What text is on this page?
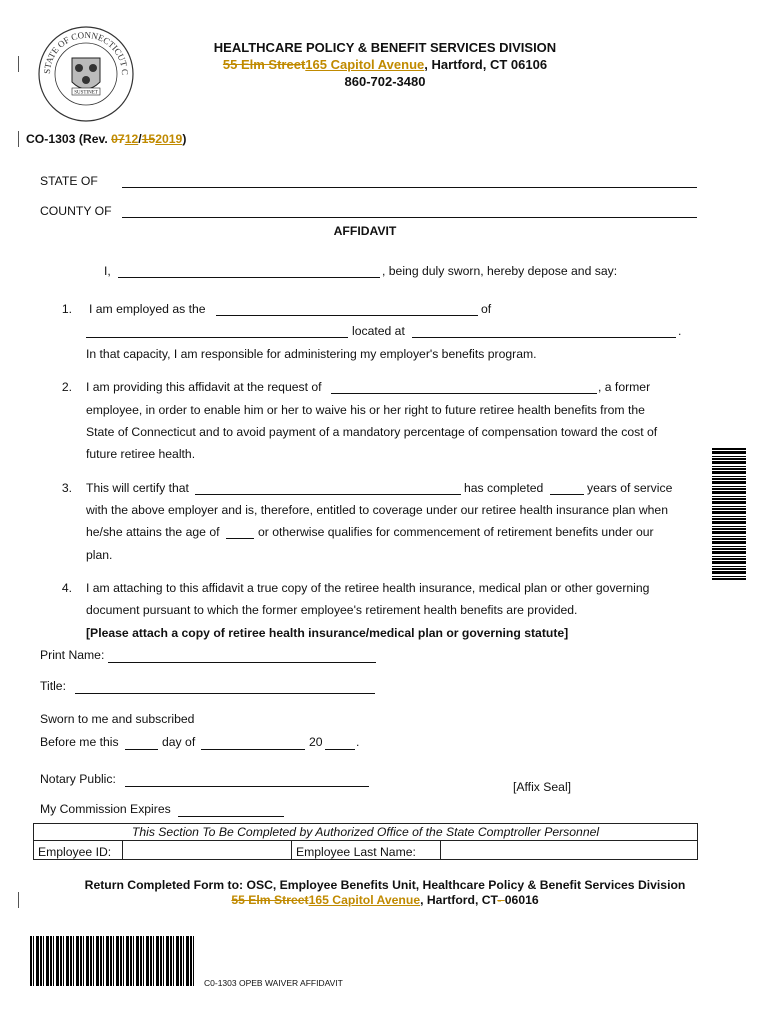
STATE OF CONNECTICUT C
SUSTINET
HEALTHCARE POLICY & BENEFIT SERVICES DIVISION
55 Elm Street165 Capitol Avenue, Hartford, CT 06106
860-702-3480
CO-1303 (Rev. 0712/152019)
STATE OF
COUNTY OF
AFFIDAVIT
I,	, being duly sworn, hereby depose and say:
1. I am employed as the	of
located at	.
In that capacity, I am responsible for administering my employer's benefits program.
2. I am providing this affidavit at the request of	, a former
employee, in order to enable him or her to waive his or her right to future retiree health benefits from the
State of Connecticut and to avoid payment of a mandatory percentage of compensation toward the cost of
future retiree health.
3. This will certify that	has completed	years of service
with the above employer and is, therefore, entitled to coverage under our retiree health insurance plan when
he/she attains the age of	or otherwise qualifies for commencement of retirement benefits under our
plan.
4. I am attaching to this affidavit a true copy of the retiree health insurance, medical plan or other governing
document pursuant to which the former employee's retirement health benefits are provided.
[Please attach a copy of retiree health insurance/medical plan or governing statute]
Print Name:
Title:
Sworn to me and subscribed
Before me this	day of	20	.
Notary Public:
[Affix Seal]
My Commission Expires
This Section To Be Completed by Authorized Office of the State Comptroller Personnel
Employee ID:		Employee Last Name:	
Return Completed Form to: OSC, Employee Benefits Unit, Healthcare Policy & Benefit Services Division
55 Elm Street165 Capitol Avenue, Hartford, CT- 06016
C0-1303 OPEB WAIVER AFFIDAVIT
